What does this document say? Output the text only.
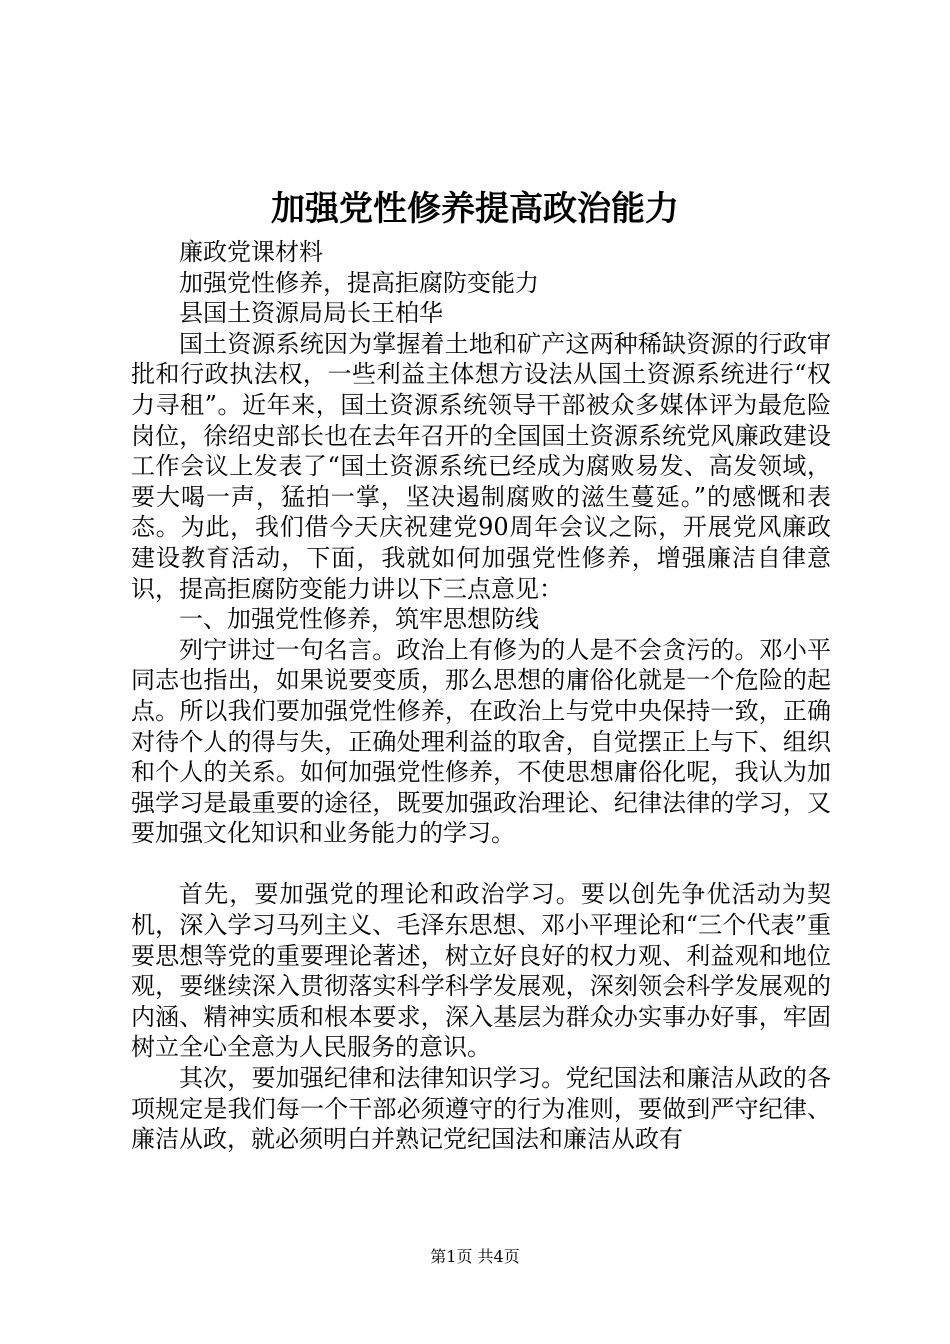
加强党性修养提高政治能力

廉政党课材料

加强党性修养，提高拒腐防变能力

县国土资源局局长王柏华

国土资源系统因为掌握着土地和矿产这两种稀缺资源的行政审批和行政执法权，一些利益主体想方设法从国土资源系统进行“权力寻租”。近年来，国土资源系统领导干部被众多媒体评为最危险岗位，徐绍史部长也在去年召开的全国国土资源系统党风廉政建设工作会议上发表了“国土资源系统已经成为腐败易发、高发领域，要大喝一声，猛拍一掌，坚决遏制腐败的滋生蔓延。”的感慨和表态。为此，我们借今天庆祝建党90周年会议之际，开展党风廉政建设教育活动，下面，我就如何加强党性修养，增强廉洁自律意识，提高拒腐防变能力讲以下三点意见：

一、加强党性修养，筑牢思想防线

列宁讲过一句名言。政治上有修为的人是不会贪污的。邓小平同志也指出，如果说要变质，那么思想的庸俗化就是一个危险的起点。所以我们要加强党性修养，在政治上与党中央保持一致，正确对待个人的得与失，正确处理利益的取舍，自觉摆正上与下、组织和个人的关系。如何加强党性修养，不使思想庸俗化呢，我认为加强学习是最重要的途径，既要加强政治理论、纪律法律的学习，又要加强文化知识和业务能力的学习。

首先，要加强党的理论和政治学习。要以创先争优活动为契机，深入学习马列主义、毛泽东思想、邓小平理论和“三个代表”重要思想等党的重要理论著述，树立好良好的权力观、利益观和地位观，要继续深入贯彻落实科学科学发展观，深刻领会科学发展观的内涵、精神实质和根本要求，深入基层为群众办实事办好事，牢固树立全心全意为人民服务的意识。

其次，要加强纪律和法律知识学习。党纪国法和廉洁从政的各项规定是我们每一个干部必须遵守的行为准则，要做到严守纪律、廉洁从政，就必须明白并熟记党纪国法和廉洁从政有

第1页 共4页
